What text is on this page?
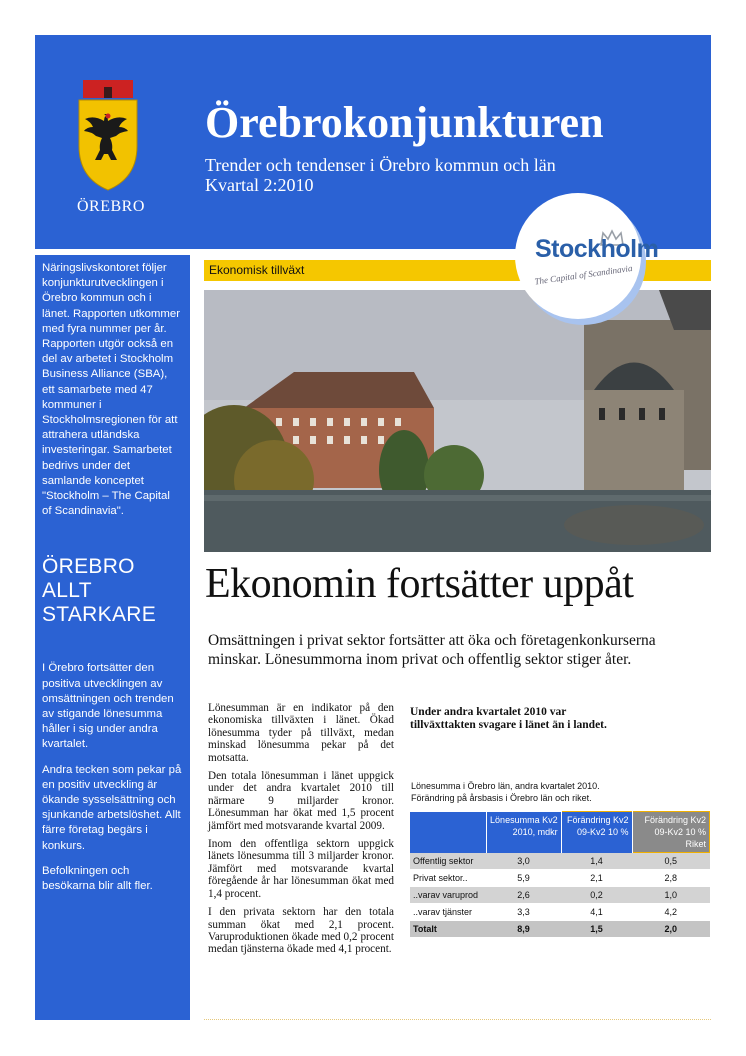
ÖREBRO
Örebrokonjunkturen
Trender och tendenser i Örebro kommun och län
Kvartal 2:2010

Näringslivskontoret följer konjunkturutvecklingen i Örebro kommun och i länet. Rapporten utkommer med fyra nummer per år. Rapporten utgör också en del av arbetet i Stockholm Business Alliance (SBA), ett samarbete med 47 kommuner i Stockholmsregionen för att attrahera utländska investeringar. Samarbetet bedrivs under det samlande konceptet "Stockholm – The Capital of Scandinavia".

ÖREBRO ALLT STARKARE

I Örebro fortsätter den positiva utvecklingen av omsättningen och trenden av stigande lönesumma håller i sig under andra kvartalet.

Andra tecken som pekar på en positiv utveckling är ökande sysselsättning och sjunkande arbetslöshet. Allt färre företag begärs i konkurs.

Befolkningen och besökarna blir allt fler.

Ekonomisk tillväxt
Stockholm
The Capital of Scandinavia
Ekonomin fortsätter uppåt
Omsättningen i privat sektor fortsätter att öka och företagenkonkurserna minskar. Lönesummorna inom privat och offentlig sektor stiger åter.

Lönesumman är en indikator på den ekonomiska tillväxten i länet. Ökad lönesumma tyder på tillväxt, medan minskad lönesumma pekar på det motsatta.

Den totala lönesumman i länet uppgick under det andra kvartalet 2010 till närmare 9 miljarder kronor. Lönesumman har ökat med 1,5 procent jämfört med motsvarande kvartal 2009.

Inom den offentliga sektorn uppgick länets lönesumma till 3 miljarder kronor. Jämfört med motsvarande kvartal föregående år har lönesumman ökat med 1,4 procent.

I den privata sektorn har den totala summan ökat med 2,1 procent. Varuproduktionen ökade med 0,2 procent medan tjänsterna ökade med 4,1 procent.

Under andra kvartalet 2010 var tillväxttakten svagare i länet än i landet.
Lönesumma i Örebro län, andra kvartalet 2010.
Förändring på årsbasis i Örebro län och riket.
	Lönesumma Kv2 2010, mdkr	Förändring Kv2 09-Kv2 10 %	Förändring Kv2 09-Kv2 10 % Riket
Offentlig sektor	3,0	1,4	0,5
Privat sektor..	5,9	2,1	2,8
..varav varuprod	2,6	0,2	1,0
..varav tjänster	3,3	4,1	4,2
Totalt	8,9	1,5	2,0
